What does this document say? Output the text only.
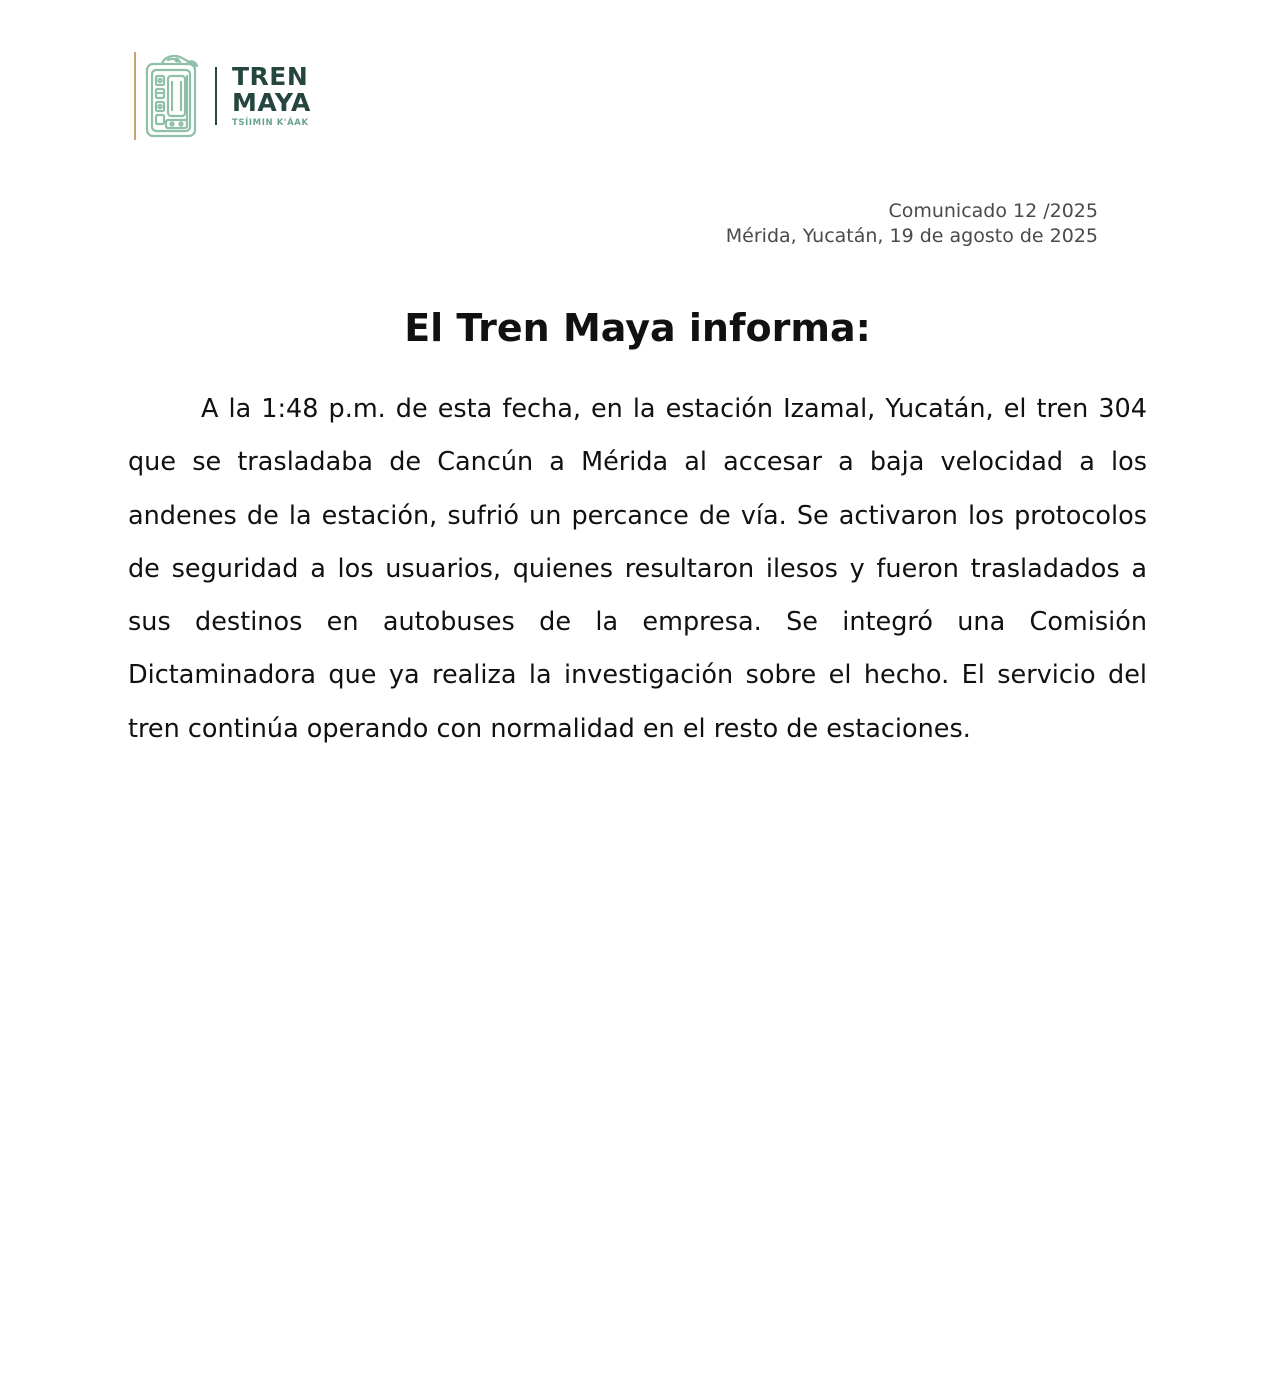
TREN
MAYA
TSÍIMIN K'ÁAK
Comunicado 12 /2025
Mérida, Yucatán, 19 de agosto de 2025
El Tren Maya informa:

A la 1:48 p.m. de esta fecha, en la estación Izamal, Yucatán, el tren 304 que se trasladaba de Cancún a Mérida al accesar a baja velocidad a los andenes de la estación, sufrió un percance de vía. Se activaron los protocolos de seguridad a los usuarios, quienes resultaron ilesos y fueron trasladados a sus destinos en autobuses de la empresa. Se integró una Comisión Dictaminadora que ya realiza la investigación sobre el hecho. El servicio del tren continúa operando con normalidad en el resto de estaciones.
